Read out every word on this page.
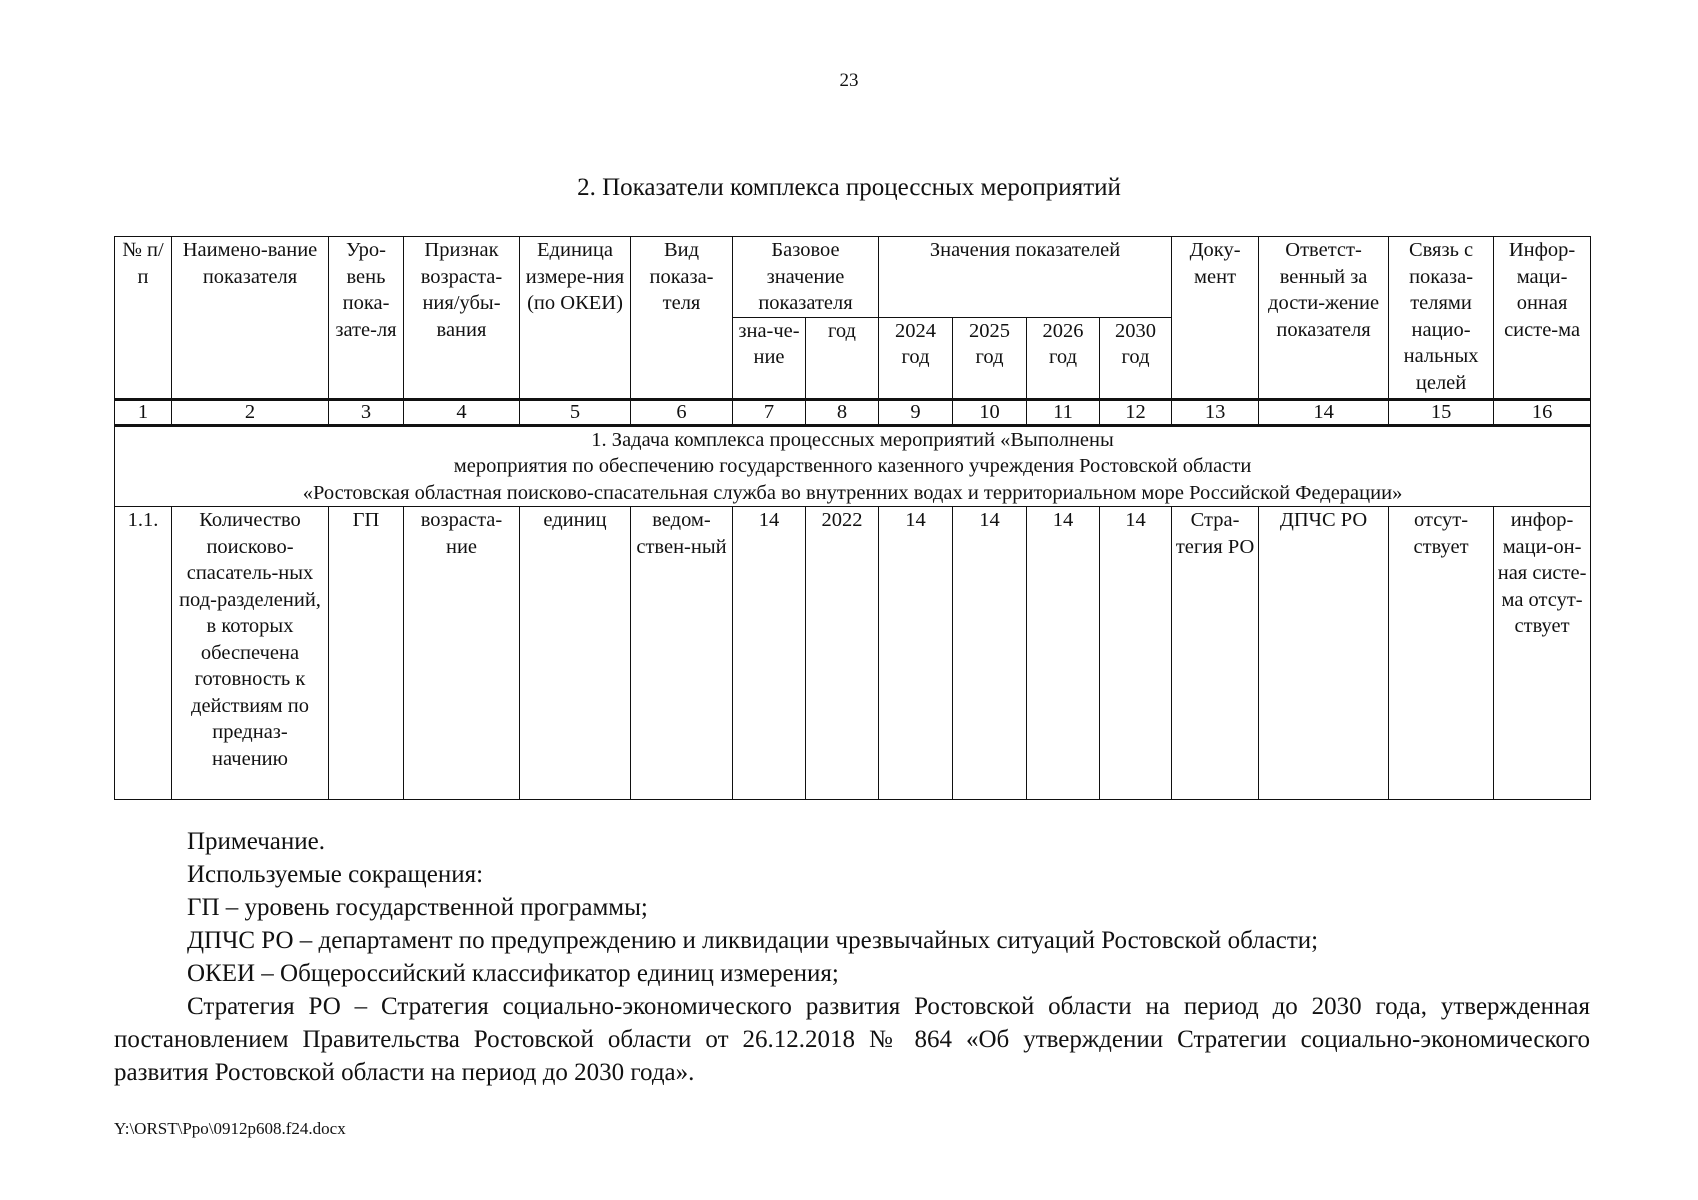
23
2. Показатели комплекса процессных мероприятий
№ п/п	Наимено-вание показателя	Уро-вень пока-зате-ля	Признак возраста-ния/убы-вания	Единица измере-ния (по ОКЕИ)	Вид показа-теля	Базовое значение показателя		Значения показателей				Доку-мент	Ответст-венный за дости-жение показателя	Связь с показа-телями нацио-нальных целей	Инфор-маци-онная систе-ма
						зна-че-ние	год	2024 год	2025 год	2026 год	2030 год				
1	2	3	4	5	6	7	8	9	10	11	12	13	14	15	16

1. Задача комплекса процессных мероприятий «Выполнены
мероприятия по обеспечению государственного казенного учреждения Ростовской области
«Ростовская областная поисково-спасательная служба во внутренних водах и территориальном море Российской Федерации»															

1.1.	Количество поисково-спасатель-ных под-разделений, в которых обеспечена готовность к действиям по предназ-начению	ГП	возраста-ние	единиц	ведом-ствен-ный	14	2022	14	14	14	14	Стра-тегия РО	ДПЧС РО	отсут-ствует	инфор-маци-он-ная систе-ма отсут-ствует

Примечание.

Используемые сокращения:

ГП – уровень государственной программы;

ДПЧС РО – департамент по предупреждению и ликвидации чрезвычайных ситуаций Ростовской области;

ОКЕИ – Общероссийский классификатор единиц измерения;

Стратегия РО – Стратегия социально-экономического развития Ростовской области на период до 2030 года, утвержденная постановлением Правительства Ростовской области от 26.12.2018 № 864 «Об утверждении Стратегии социально-экономического развития Ростовской области на период до 2030 года».

Y:\ORST\Ppo\0912p608.f24.docx
